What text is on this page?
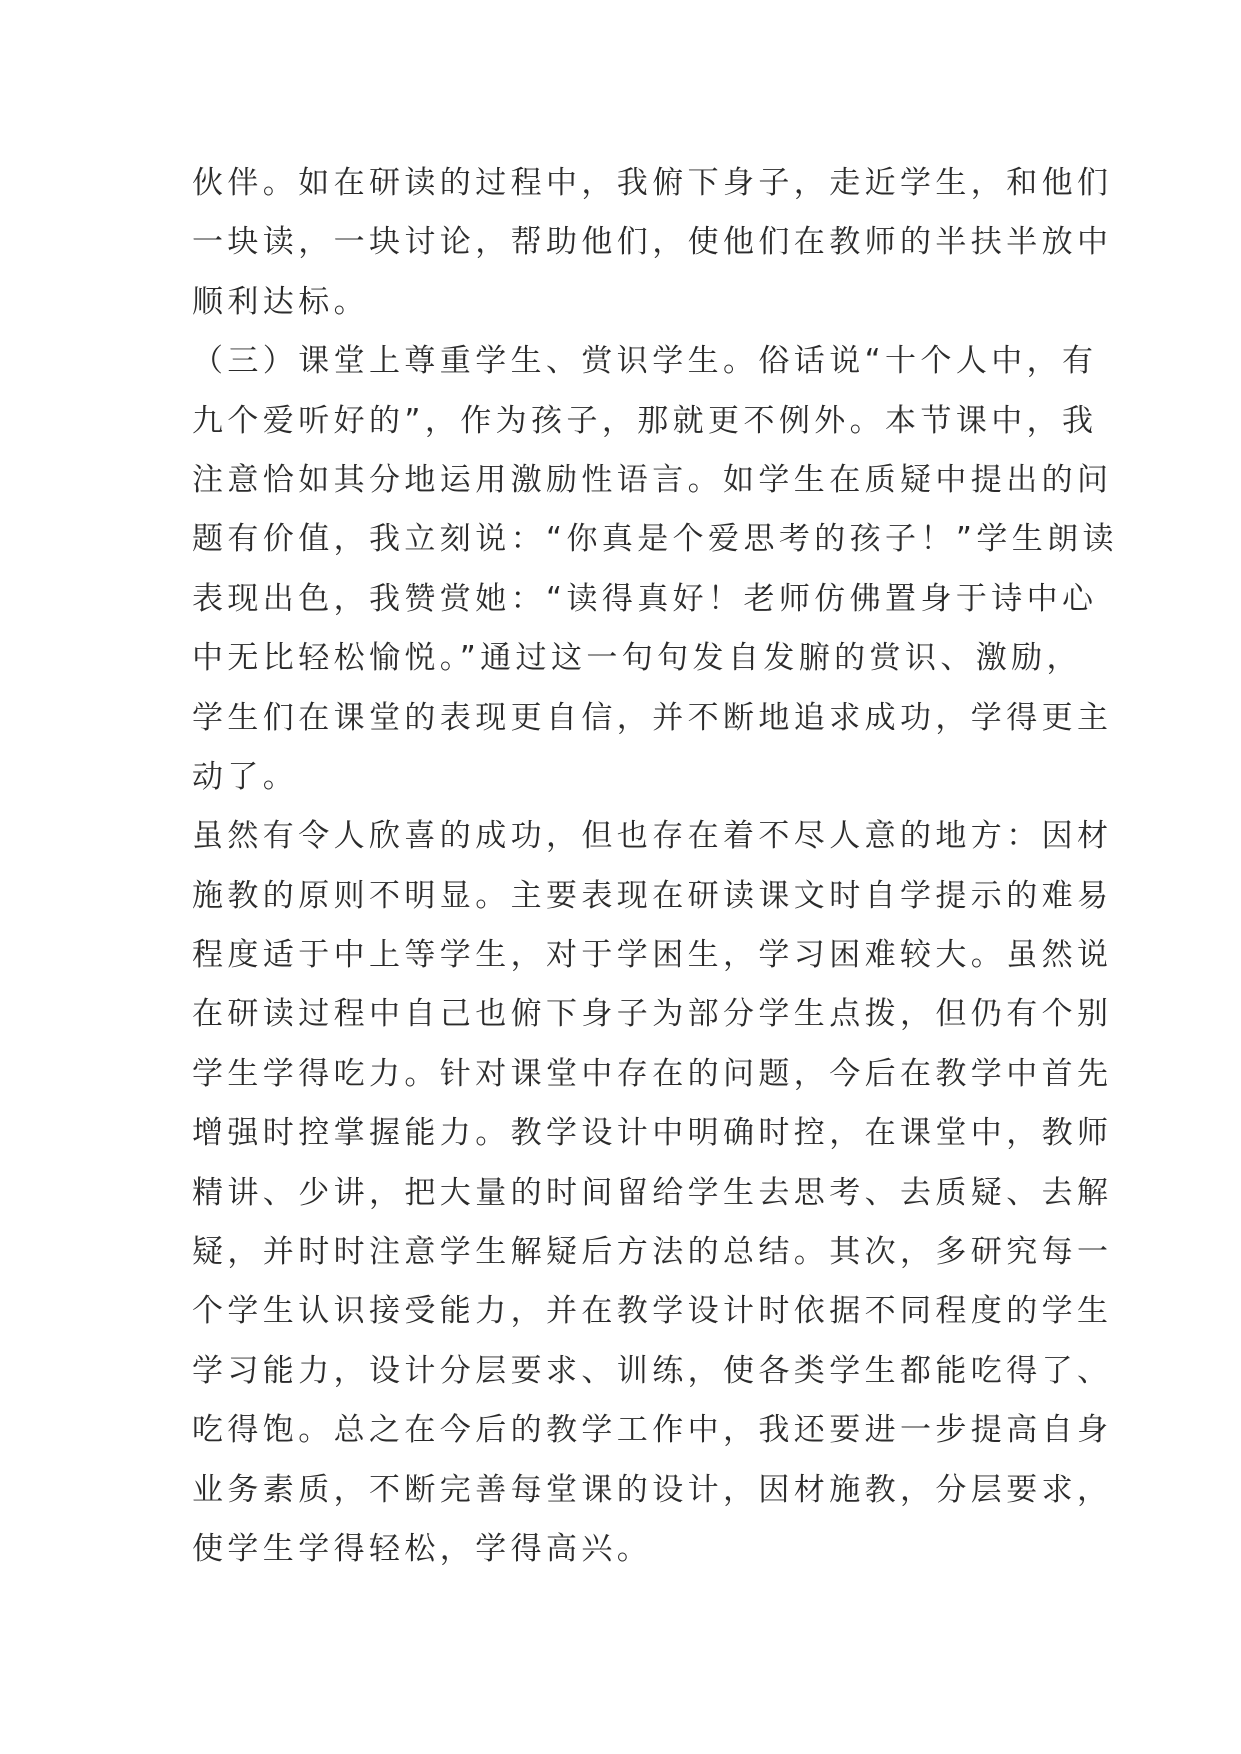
伙伴。如在研读的过程中，我俯下身子，走近学生，和他们
一块读，一块讨论，帮助他们，使他们在教师的半扶半放中
顺利达标。
（三）课堂上尊重学生、赏识学生。俗话说“十个人中，有
九个爱听好的”，作为孩子，那就更不例外。本节课中，我
注意恰如其分地运用激励性语言。如学生在质疑中提出的问
题有价值，我立刻说：“你真是个爱思考的孩子！”学生朗读
表现出色，我赞赏她：“读得真好！老师仿佛置身于诗中心
中无比轻松愉悦。”通过这一句句发自发腑的赏识、激励，
学生们在课堂的表现更自信，并不断地追求成功，学得更主
动了。
虽然有令人欣喜的成功，但也存在着不尽人意的地方：因材
施教的原则不明显。主要表现在研读课文时自学提示的难易
程度适于中上等学生，对于学困生，学习困难较大。虽然说
在研读过程中自己也俯下身子为部分学生点拨，但仍有个别
学生学得吃力。针对课堂中存在的问题，今后在教学中首先
增强时控掌握能力。教学设计中明确时控，在课堂中，教师
精讲、少讲，把大量的时间留给学生去思考、去质疑、去解
疑，并时时注意学生解疑后方法的总结。其次，多研究每一
个学生认识接受能力，并在教学设计时依据不同程度的学生
学习能力，设计分层要求、训练，使各类学生都能吃得了、
吃得饱。总之在今后的教学工作中，我还要进一步提高自身
业务素质，不断完善每堂课的设计，因材施教，分层要求，
使学生学得轻松，学得高兴。
